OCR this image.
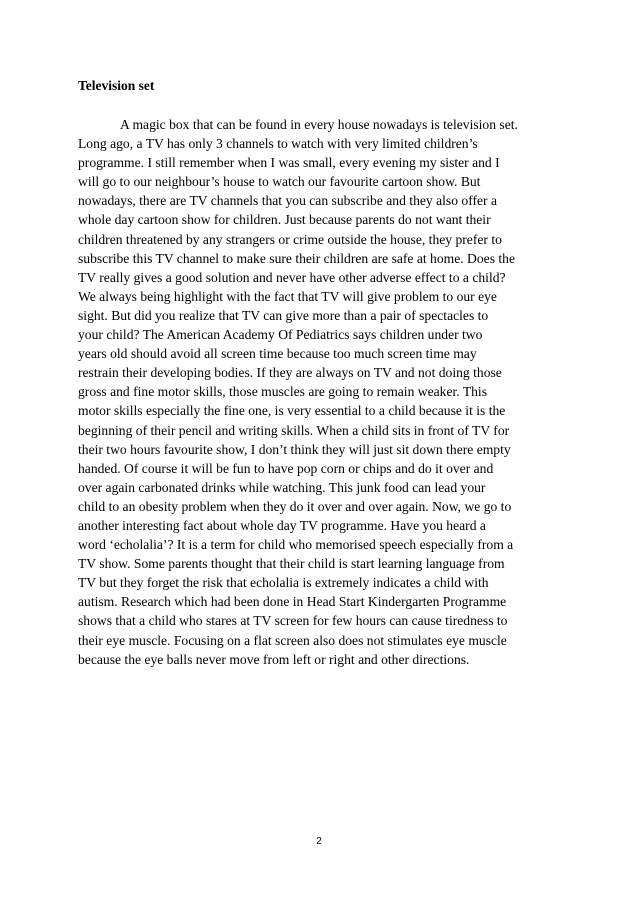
Television set
A magic box that can be found in every house nowadays is television set.
Long ago, a TV has only 3 channels to watch with very limited children’s
programme. I still remember when I was small, every evening my sister and I
will go to our neighbour’s house to watch our favourite cartoon show. But
nowadays, there are TV channels that you can subscribe and they also offer a
whole day cartoon show for children. Just because parents do not want their
children threatened by any strangers or crime outside the house, they prefer to
subscribe this TV channel to make sure their children are safe at home. Does the
TV really gives a good solution and never have other adverse effect to a child?
We always being highlight with the fact that TV will give problem to our eye
sight. But did you realize that TV can give more than a pair of spectacles to
your child? The American Academy Of Pediatrics says children under two
years old should avoid all screen time because too much screen time may
restrain their developing bodies. If they are always on TV and not doing those
gross and fine motor skills, those muscles are going to remain weaker. This
motor skills especially the fine one, is very essential to a child because it is the
beginning of their pencil and writing skills. When a child sits in front of TV for
their two hours favourite show, I don’t think they will just sit down there empty
handed. Of course it will be fun to have pop corn or chips and do it over and
over again carbonated drinks while watching. This junk food can lead your
child to an obesity problem when they do it over and over again. Now, we go to
another interesting fact about whole day TV programme. Have you heard a
word ‘echolalia’? It is a term for child who memorised speech especially from a
TV show. Some parents thought that their child is start learning language from
TV but they forget the risk that echolalia is extremely indicates a child with
autism. Research which had been done in Head Start Kindergarten Programme
shows that a child who stares at TV screen for few hours can cause tiredness to
their eye muscle. Focusing on a flat screen also does not stimulates eye muscle
because the eye balls never move from left or right and other directions.
2
